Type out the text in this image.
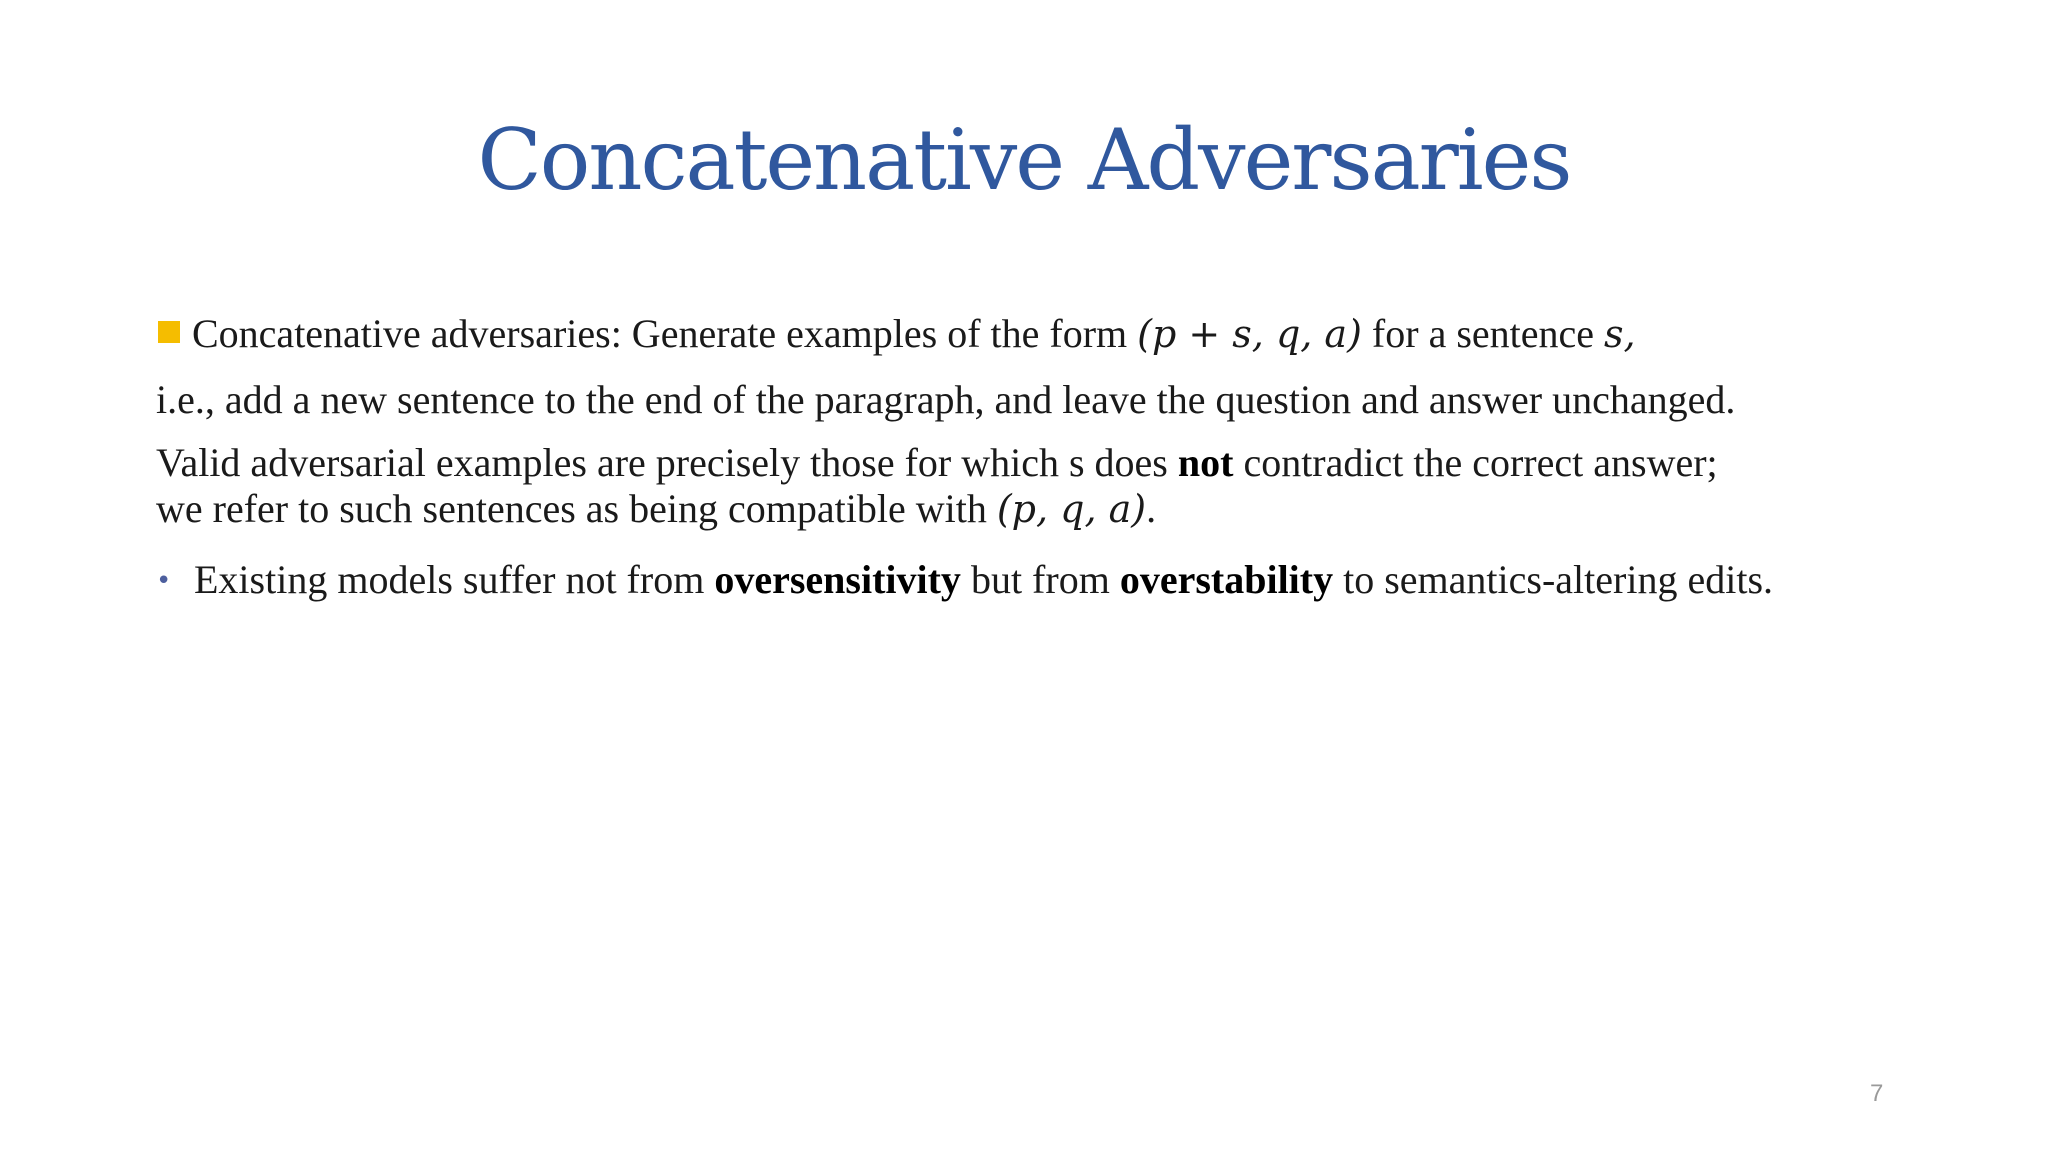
Concatenative Adversaries
Concatenative adversaries: Generate examples of the form (p + s, q, a) for a sentence s,
i.e., add a new sentence to the end of the paragraph, and leave the question and answer unchanged.
Valid adversarial examples are precisely those for which s does not contradict the correct answer;
we refer to such sentences as being compatible with (p, q, a).
• Existing models suffer not from oversensitivity but from overstability to semantics-altering edits.
7
